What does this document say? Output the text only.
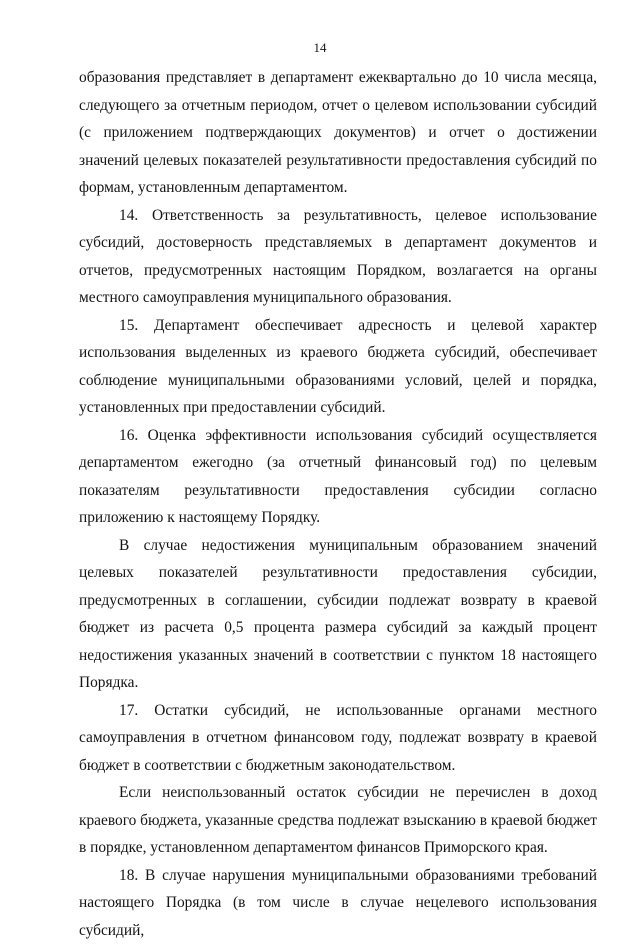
14

образования представляет в департамент ежеквартально до 10 числа месяца, следующего за отчетным периодом, отчет о целевом использовании субсидий (с приложением подтверждающих документов) и отчет о достижении значений целевых показателей результативности предоставления субсидий по формам, установленным департаментом.

14. Ответственность за результативность, целевое использование субсидий, достоверность представляемых в департамент документов и отчетов, предусмотренных настоящим Порядком, возлагается на органы местного самоуправления муниципального образования.

15. Департамент обеспечивает адресность и целевой характер использования выделенных из краевого бюджета субсидий, обеспечивает соблюдение муниципальными образованиями условий, целей и порядка, установленных при предоставлении субсидий.

16. Оценка эффективности использования субсидий осуществляется департаментом ежегодно (за отчетный финансовый год) по целевым показателям результативности предоставления субсидии согласно приложению к настоящему Порядку.

В случае недостижения муниципальным образованием значений целевых показателей результативности предоставления субсидии, предусмотренных в соглашении, субсидии подлежат возврату в краевой бюджет из расчета 0,5 процента размера субсидий за каждый процент недостижения указанных значений в соответствии с пунктом 18 настоящего Порядка.

17. Остатки субсидий, не использованные органами местного самоуправления в отчетном финансовом году, подлежат возврату в краевой бюджет в соответствии с бюджетным законодательством.

Если неиспользованный остаток субсидии не перечислен в доход краевого бюджета, указанные средства подлежат взысканию в краевой бюджет в порядке, установленном департаментом финансов Приморского края.

18. В случае нарушения муниципальными образованиями требований настоящего Порядка (в том числе в случае нецелевого использования субсидий,
